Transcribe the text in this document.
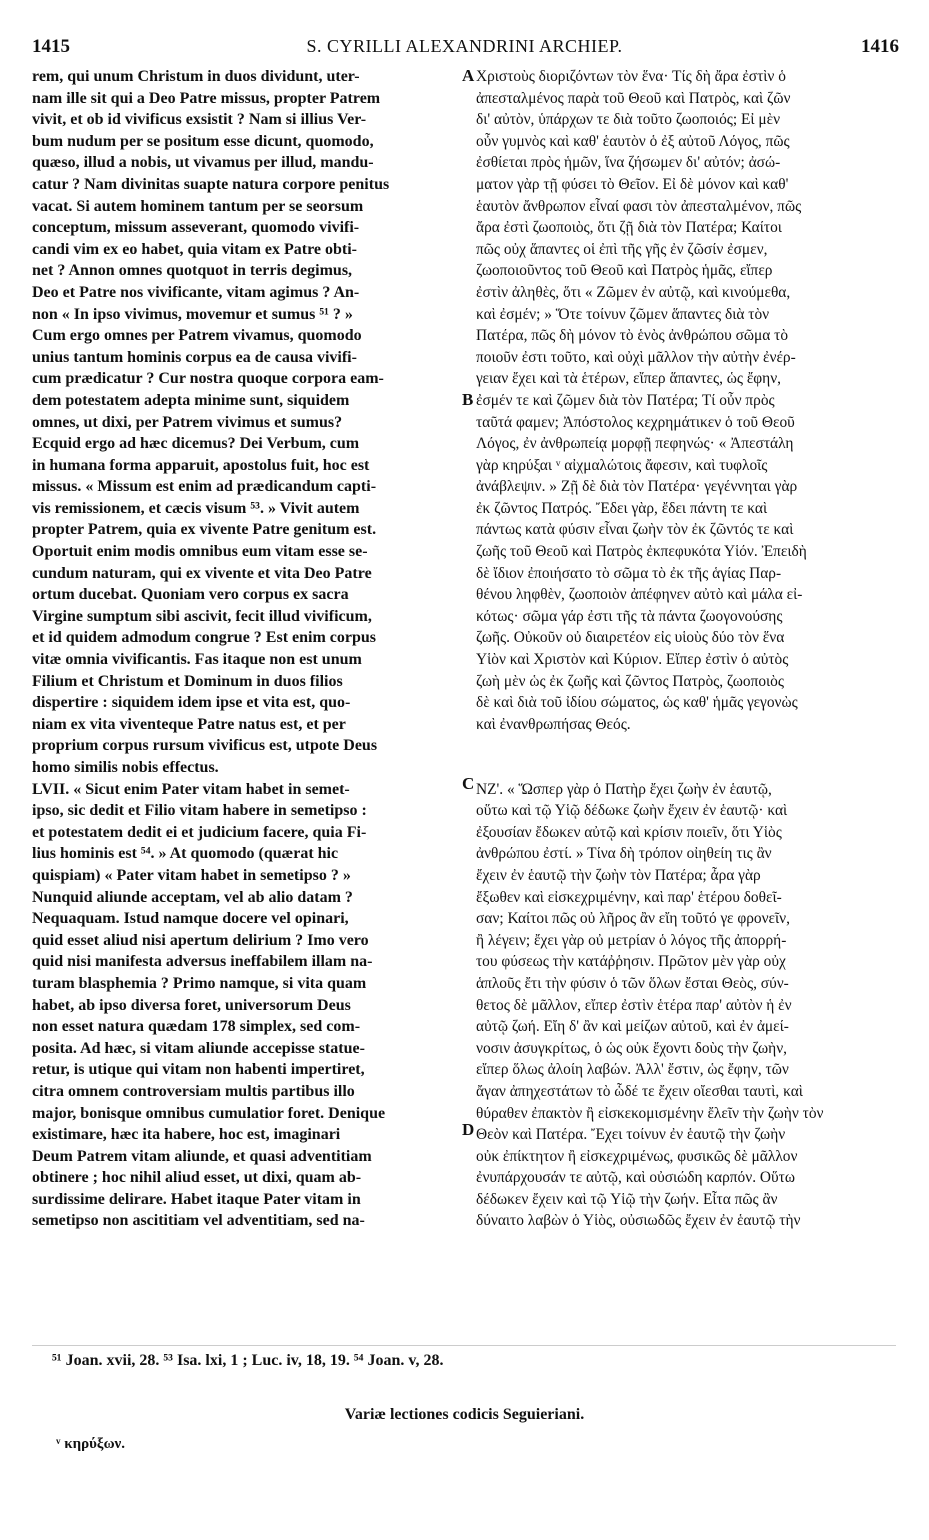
1415	S. CYRILLI ALEXANDRINI ARCHIEP.	1416
rem, qui unum Christum in duos dividunt, uter-
nam ille sit qui a Deo Patre missus, propter Patrem
vivit, et ob id vivificus exsistit ? Nam si illius Ver-
bum nudum per se positum esse dicunt, quomodo,
quæso, illud a nobis, ut vivamus per illud, mandu-
catur ? Nam divinitas suapte natura corpore penitus
vacat. Si autem hominem tantum per se seorsum
conceptum, missum asseverant, quomodo vivifi-
candi vim ex eo habet, quia vitam ex Patre obti-
net ? Annon omnes quotquot in terris degimus,
Deo et Patre nos vivificante, vitam agimus ? An-
non « In ipso vivimus, movemur et sumus ⁵¹ ? »
Cum ergo omnes per Patrem vivamus, quomodo
unius tantum hominis corpus ea de causa vivifi-
cum prædicatur ? Cur nostra quoque corpora eam-
dem potestatem adepta minime sunt, siquidem
omnes, ut dixi, per Patrem vivimus et sumus?
Ecquid ergo ad hæc dicemus? Dei Verbum, cum
in humana forma apparuit, apostolus fuit, hoc est
missus. « Missum est enim ad prædicandum capti-
vis remissionem, et cæcis visum ⁵³. » Vivit autem
propter Patrem, quia ex vivente Patre genitum est.
Oportuit enim modis omnibus eum vitam esse se-
cundum naturam, qui ex vivente et vita Deo Patre
ortum ducebat. Quoniam vero corpus ex sacra
Virgine sumptum sibi ascivit, fecit illud vivificum,
et id quidem admodum congrue ? Est enim corpus
vitæ omnia vivificantis. Fas itaque non est unum
Filium et Christum et Dominum in duos filios
dispertire : siquidem idem ipse et vita est, quo-
niam ex vita viventeque Patre natus est, et per
proprium corpus rursum vivificus est, utpote Deus
homo similis nobis effectus.
LVII. « Sicut enim Pater vitam habet in semet-
ipso, sic dedit et Filio vitam habere in semetipso :
et potestatem dedit ei et judicium facere, quia Fi-
lius hominis est ⁵⁴. » At quomodo (quærat hic
quispiam) « Pater vitam habet in semetipso ? »
Nunquid aliunde acceptam, vel ab alio datam ?
Nequaquam. Istud namque docere vel opinari,
quid esset aliud nisi apertum delirium ? Imo vero
quid nisi manifesta adversus ineffabilem illam na-
turam blasphemia ? Primo namque, si vita quam
habet, ab ipso diversa foret, universorum Deus
non esset natura quædam 178 simplex, sed com-
posita. Ad hæc, si vitam aliunde accepisse statue-
retur, is utique qui vitam non habenti impertiret,
citra omnem controversiam multis partibus illo
major, bonisque omnibus cumulatior foret. Denique
existimare, hæc ita habere, hoc est, imaginari
Deum Patrem vitam aliunde, et quasi adventitiam
obtinere ; hoc nihil aliud esset, ut dixi, quam ab-
surdissime delirare. Habet itaque Pater vitam in
semetipso non ascititiam vel adventitiam, sed na-
Χριστοὺς διοριζόντων τὸν ἕνα· Τίς δὴ ἄρα ἐστὶν ὁ
ἀπεσταλμένος παρὰ τοῦ Θεοῦ καὶ Πατρὸς, καὶ ζῶν
δι' αὐτὸν, ὑπάρχων τε διὰ τοῦτο ζωοποιός; Εἰ μὲν
οὖν γυμνὸς καὶ καθ' ἑαυτὸν ὁ ἐξ αὐτοῦ Λόγος, πῶς
ἐσθίεται πρὸς ἡμῶν, ἵνα ζήσωμεν δι' αὐτόν; ἀσώ-
ματον γὰρ τῇ φύσει τὸ Θεῖον. Εἰ δὲ μόνον καὶ καθ'
ἑαυτὸν ἄνθρωπον εἶναί φασι τὸν ἀπεσταλμένον, πῶς
ἄρα ἐστὶ ζωοποιὸς, ὅτι ζῇ διὰ τὸν Πατέρα; Καίτοι
πῶς οὐχ ἅπαντες οἱ ἐπὶ τῆς γῆς ἐν ζῶσίν ἐσμεν,
ζωοποιοῦντος τοῦ Θεοῦ καὶ Πατρὸς ἡμᾶς, εἴπερ
ἐστὶν ἀληθὲς, ὅτι « Ζῶμεν ἐν αὐτῷ, καὶ κινούμεθα,
καὶ ἐσμέν; » Ὅτε τοίνυν ζῶμεν ἅπαντες διὰ τὸν
Πατέρα, πῶς δὴ μόνον τὸ ἑνὸς ἀνθρώπου σῶμα τὸ
ποιοῦν ἐστι τοῦτο, καὶ οὐχὶ μᾶλλον τὴν αὐτὴν ἐνέρ-
γειαν ἔχει καὶ τὰ ἑτέρων, εἴπερ ἅπαντες, ὡς ἔφην,
ἐσμέν τε καὶ ζῶμεν διὰ τὸν Πατέρα; Τί οὖν πρὸς
ταῦτά φαμεν; Ἀπόστολος κεχρημάτικεν ὁ τοῦ Θεοῦ
Λόγος, ἐν ἀνθρωπείᾳ μορφῇ πεφηνώς· « Ἀπεστάλη
γὰρ κηρύξαι ᵛ αἰχμαλώτοις ἄφεσιν, καὶ τυφλοῖς
ἀνάβλεψιν. » Ζῇ δὲ διὰ τὸν Πατέρα· γεγέννηται γὰρ
ἐκ ζῶντος Πατρός. Ἔδει γὰρ, ἔδει πάντη τε καὶ
πάντως κατὰ φύσιν εἶναι ζωὴν τὸν ἐκ ζῶντός τε καὶ
ζωῆς τοῦ Θεοῦ καὶ Πατρὸς ἐκπεφυκότα Υἱόν. Ἐπειδὴ
δὲ ἴδιον ἐποιήσατο τὸ σῶμα τὸ ἐκ τῆς ἁγίας Παρ-
θένου ληφθὲν, ζωοποιὸν ἀπέφηνεν αὐτὸ καὶ μάλα εἰ-
κότως· σῶμα γάρ ἐστι τῆς τὰ πάντα ζωογονούσης
ζωῆς. Οὐκοῦν οὐ διαιρετέον εἰς υἱοὺς δύο τὸν ἕνα
Υἱὸν καὶ Χριστὸν καὶ Κύριον. Εἴπερ ἐστὶν ὁ αὐτὸς
ζωὴ μὲν ὡς ἐκ ζωῆς καὶ ζῶντος Πατρὸς, ζωοποιὸς
δὲ καὶ διὰ τοῦ ἰδίου σώματος, ὡς καθ' ἡμᾶς γεγονὼς
καὶ ἐνανθρωπήσας Θεός.
NZ'. « Ὥσπερ γὰρ ὁ Πατὴρ ἔχει ζωὴν ἐν ἑαυτῷ,
οὕτω καὶ τῷ Υἱῷ δέδωκε ζωὴν ἔχειν ἐν ἑαυτῷ· καὶ
ἐξουσίαν ἔδωκεν αὐτῷ καὶ κρίσιν ποιεῖν, ὅτι Υἱὸς
ἀνθρώπου ἐστί. » Τίνα δὴ τρόπον οἰηθείη τις ἂν
ἔχειν ἐν ἑαυτῷ τὴν ζωὴν τὸν Πατέρα; ἆρα γὰρ
ἔξωθεν καὶ εἰσκεχριμένην, καὶ παρ' ἑτέρου δοθεῖ-
σαν; Καίτοι πῶς οὐ λῆρος ἂν εἴη τοῦτό γε φρονεῖν,
ἢ λέγειν; ἔχει γὰρ οὐ μετρίαν ὁ λόγος τῆς ἀπορρή-
του φύσεως τὴν κατάῤῥησιν. Πρῶτον μὲν γὰρ οὐχ
ἁπλοῦς ἔτι τὴν φύσιν ὁ τῶν ὅλων ἔσται Θεὸς, σύν-
θετος δὲ μᾶλλον, εἴπερ ἐστὶν ἑτέρα παρ' αὐτὸν ἡ ἐν
αὐτῷ ζωή. Εἴη δ' ἂν καὶ μείζων αὐτοῦ, καὶ ἐν ἀμεί-
νοσιν ἀσυγκρίτως, ὁ ὡς οὐκ ἔχοντι δοὺς τὴν ζωὴν,
εἴπερ ὅλως ἀλοίη λαβών. Ἀλλ' ἔστιν, ὡς ἔφην, τῶν
ἄγαν ἀπηχεστάτων τὸ ὧδέ τε ἔχειν οἴεσθαι ταυτὶ, καὶ
θύραθεν ἐπακτὸν ἢ εἰσκεκομισμένην ἔλεῖν τὴν ζωὴν τὸν
Θεὸν καὶ Πατέρα. Ἔχει τοίνυν ἐν ἑαυτῷ τὴν ζωὴν
οὐκ ἐπίκτητον ἢ εἰσκεχριμένως, φυσικῶς δὲ μᾶλλον
ἐνυπάρχουσάν τε αὐτῷ, καὶ οὐσιώδη καρπόν. Οὕτω
δέδωκεν ἔχειν καὶ τῷ Υἱῷ τὴν ζωήν. Εἶτα πῶς ἂν
δύναιτο λαβὼν ὁ Υἱὸς, οὐσιωδῶς ἔχειν ἐν ἑαυτῷ τὴν
A
B
C
D
⁵¹ Joan. xvii, 28. ⁵³ Isa. lxi, 1 ; Luc. iv, 18, 19. ⁵⁴ Joan. v, 28.
Variæ lectiones codicis Seguieriani.
ᵛ κηρύξων.
